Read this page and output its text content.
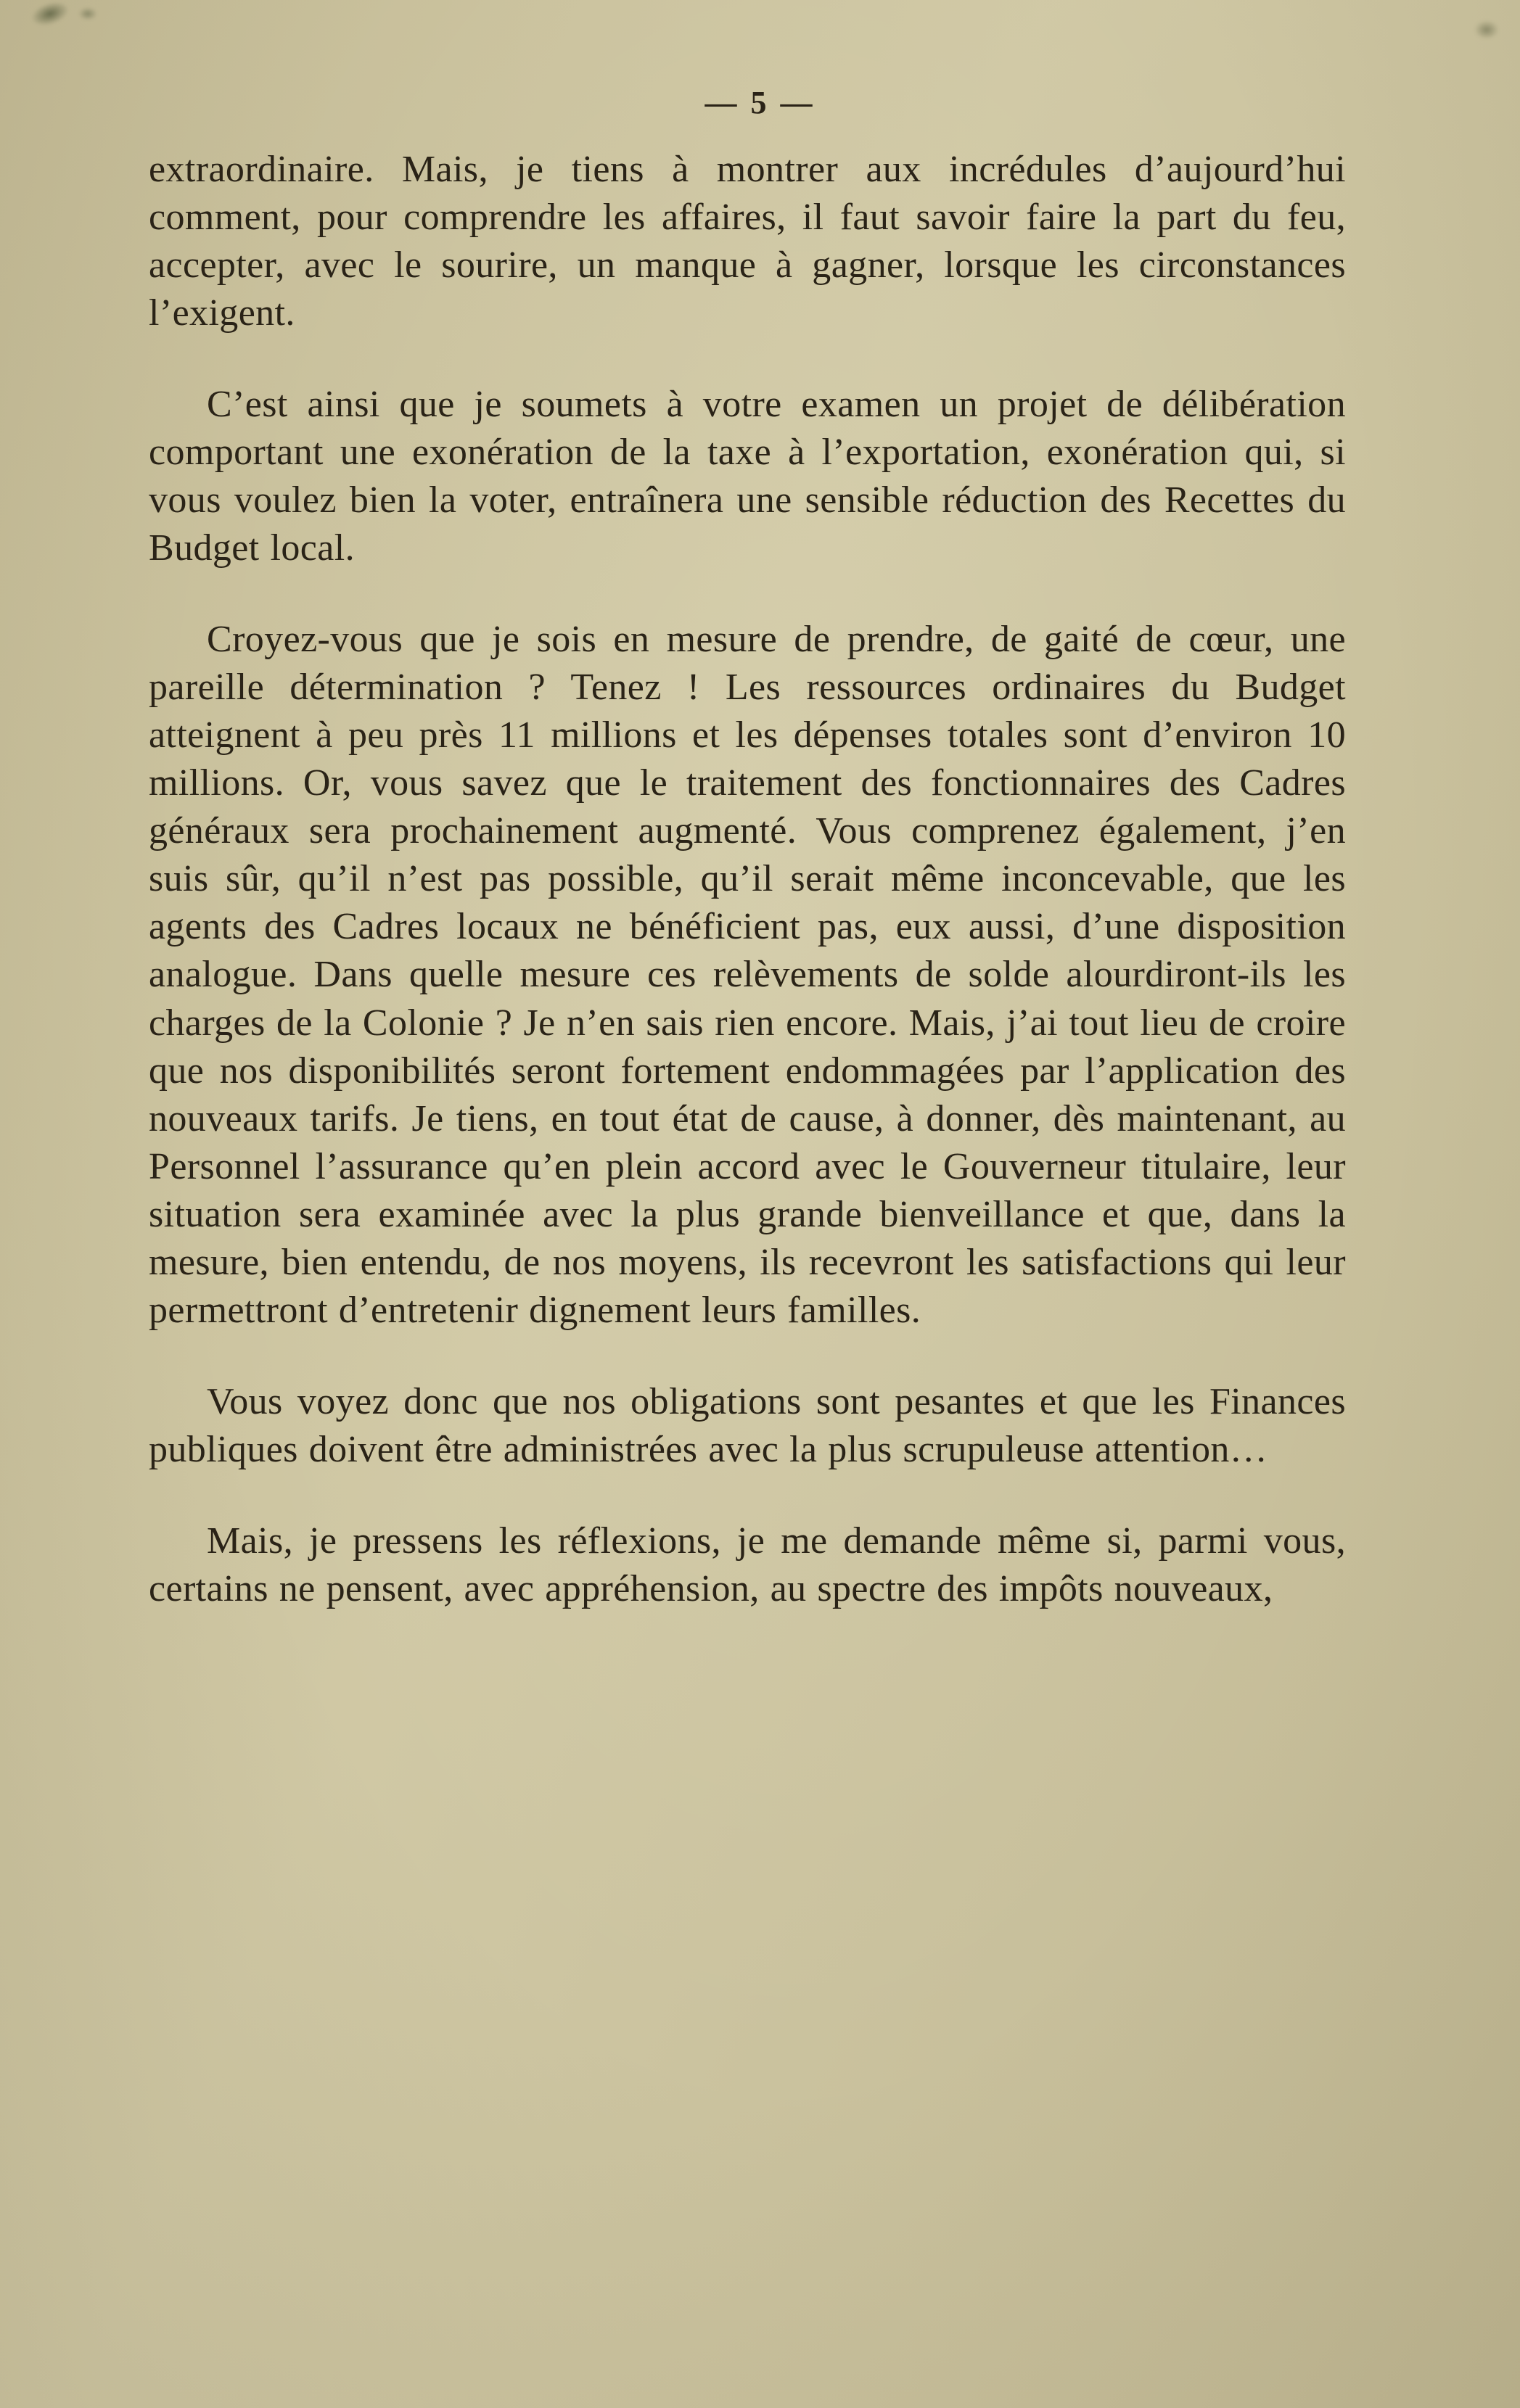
— 5 —

extraordinaire. Mais, je tiens à montrer aux incrédules d’aujourd’hui comment, pour comprendre les affaires, il faut savoir faire la part du feu, accepter, avec le sourire, un manque à gagner, lorsque les circonstances l’exigent.

C’est ainsi que je soumets à votre examen un projet de délibération comportant une exonération de la taxe à l’exportation, exonération qui, si vous voulez bien la voter, entraînera une sensible réduction des Recettes du Budget local.

Croyez-vous que je sois en mesure de prendre, de gaité de cœur, une pareille détermination ? Tenez ! Les ressources ordinaires du Budget atteignent à peu près 11 millions et les dépenses totales sont d’environ 10 millions. Or, vous savez que le traitement des fonctionnaires des Cadres généraux sera prochainement augmenté. Vous comprenez également, j’en suis sûr, qu’il n’est pas possible, qu’il serait même inconcevable, que les agents des Cadres locaux ne bénéficient pas, eux aussi, d’une disposition analogue. Dans quelle mesure ces relèvements de solde alourdiront-ils les charges de la Colonie ? Je n’en sais rien encore. Mais, j’ai tout lieu de croire que nos disponibilités seront fortement endommagées par l’application des nouveaux tarifs. Je tiens, en tout état de cause, à donner, dès maintenant, au Personnel l’assurance qu’en plein accord avec le Gouverneur titulaire, leur situation sera examinée avec la plus grande bienveillance et que, dans la mesure, bien entendu, de nos moyens, ils recevront les satisfactions qui leur permettront d’entretenir dignement leurs familles.

Vous voyez donc que nos obligations sont pesantes et que les Finances publiques doivent être administrées avec la plus scrupuleuse attention…

Mais, je pressens les réflexions, je me demande même si, parmi vous, certains ne pensent, avec appréhension, au spectre des impôts nouveaux,
